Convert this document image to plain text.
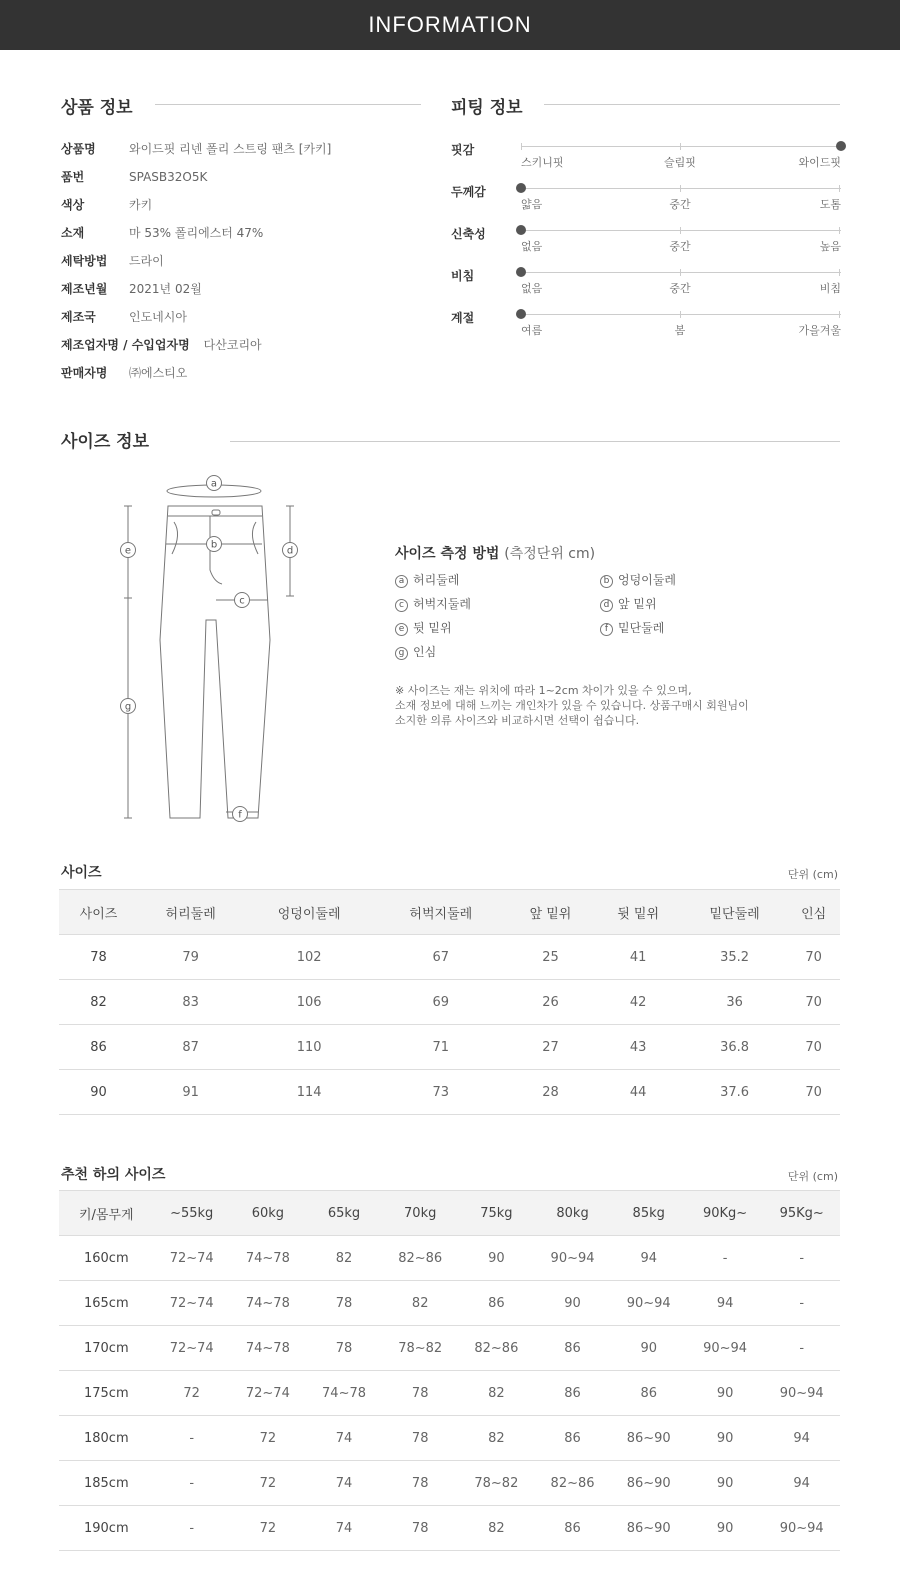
INFORMATION
상품 정보
상품명	와이드핏 리넨 폴리 스트링 팬츠 [카키]
품번	SPASB32O5K
색상	카키
소재	마 53% 폴리에스터 47%
세탁방법 드라이
제조년월 2021년 02월
제조국	인도네시아
제조업자명 / 수입업자명 다산코리아
판매자명 ㈜에스티오
피팅 정보
핏감
스키니핏	슬림핏	와이드핏
두께감
얇음	중간	도톰
신축성
없음	중간	높음
비침
없음	중간	비침
계절
여름	봄	가을겨울
사이즈 정보
a
b
c
d
e
f
g
사이즈 측정 방법 (측정단위 cm)
a 허리둘레	b 엉덩이둘레
c 허벅지둘레	d 앞 밑위
e 뒷 밑위	f 밑단둘레
g 인심
※ 사이즈는 재는 위치에 따라 1~2cm 차이가 있을 수 있으며,
소재 정보에 대해 느끼는 개인차가 있을 수 있습니다. 상품구매시 회원님이
소지한 의류 사이즈와 비교하시면 선택이 쉽습니다.
사이즈	단위 (cm)
사이즈	허리둘레	엉덩이둘레	허벅지둘레	앞 밑위	뒷 밑위	밑단둘레	인심
78	79	102	67	25	41	35.2	70
82	83	106	69	26	42	36	70
86	87	110	71	27	43	36.8	70
90	91	114	73	28	44	37.6	70
추천 하의 사이즈	단위 (cm)
키/몸무게	~55kg	60kg	65kg	70kg	75kg	80kg	85kg	90Kg~	95Kg~
160cm	72~74	74~78	82	82~86	90	90~94	94	-	-
165cm	72~74	74~78	78	82	86	90	90~94	94	-
170cm	72~74	74~78	78	78~82	82~86	86	90	90~94	-
175cm	72	72~74	74~78	78	82	86	86	90	90~94
180cm	-	72	74	78	82	86	86~90	90	94
185cm	-	72	74	78	78~82	82~86	86~90	90	94
190cm	-	72	74	78	82	86	86~90	90	90~94
